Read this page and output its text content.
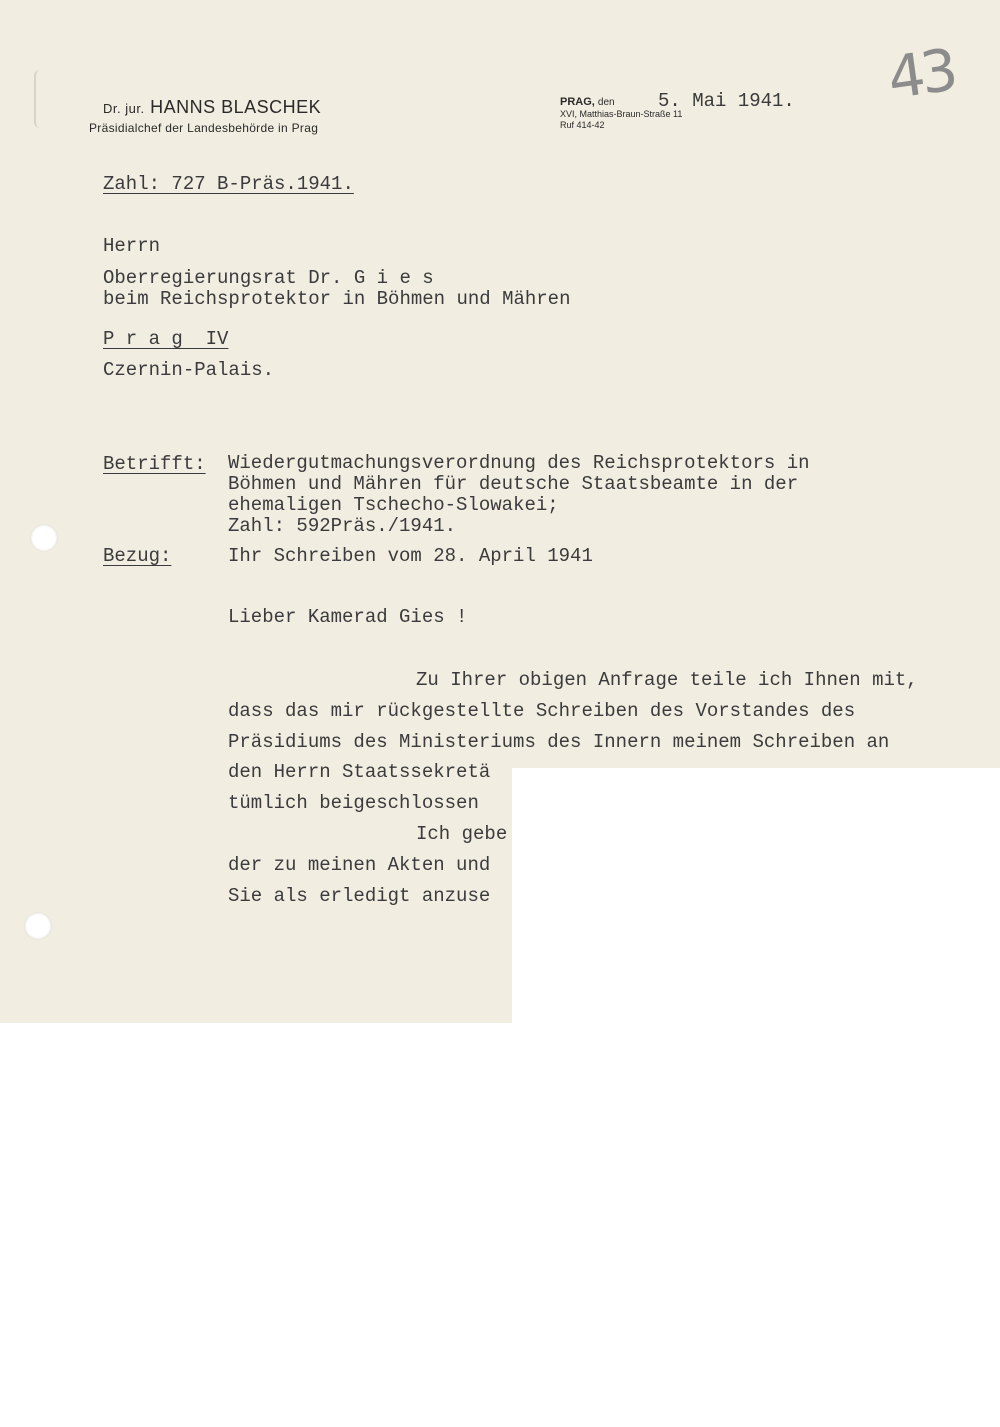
Dr. jur. HANNS BLASCHEK
Präsidialchef der Landesbehörde in Prag
PRAG, den
XVI, Matthias-Braun-Straße 11
Ruf 414-42
5. Mai 1941. 43
Zahl: 727 B-Präs.1941.
Herrn
Oberregierungsrat Dr. G i e s
beim Reichsprotektor in Böhmen und Mähren
P r a g  IV
Czernin-Palais.
Betrifft: Wiedergutmachungsverordnung des Reichsprotektors in
Böhmen und Mähren für deutsche Staatsbeamte in der
ehemaligen Tschecho-Slowakei;
Zahl: 592Präs./1941.
Bezug:	Ihr Schreiben vom 28. April 1941
Lieber Kamerad Gies !
Zu Ihrer obigen Anfrage teile ich Ihnen mit,
dass das mir rückgestellte Schreiben des Vorstandes des
Präsidiums des Ministeriums des Innern meinem Schreiben an
den Herrn Staatssekretä
tümlich beigeschlossen
Ich gebe
der zu meinen Akten und
Sie als erledigt anzuse
